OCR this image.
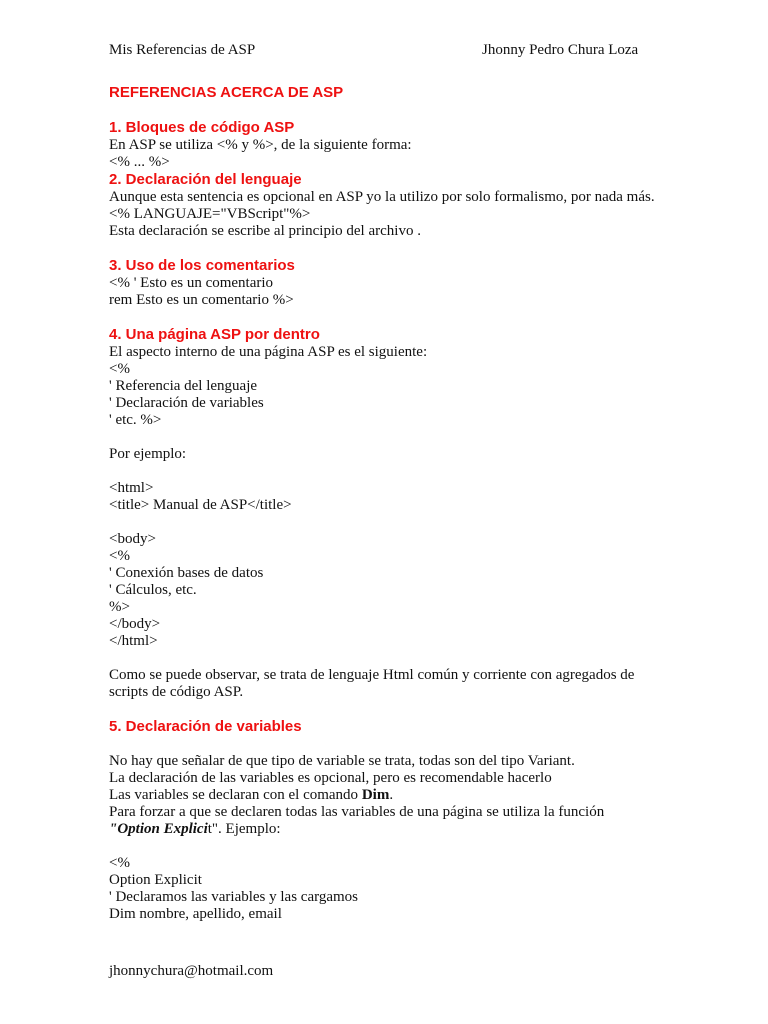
Mis Referencias de ASP	Jhonny Pedro Chura Loza
REFERENCIAS ACERCA DE ASP
1. Bloques de código ASP
En ASP se utiliza <% y %>, de la siguiente forma:
<% ... %>
2. Declaración del lenguaje
Aunque esta sentencia es opcional en ASP yo la utilizo por solo formalismo, por nada más.
<% LANGUAJE="VBScript"%>
Esta declaración se escribe al principio del archivo .
3. Uso de los comentarios
<% ' Esto es un comentario
rem Esto es un comentario %>
4. Una página ASP por dentro
El aspecto interno de una página ASP es el siguiente:
<%
' Referencia del lenguaje
' Declaración de variables
' etc. %>
Por ejemplo:
<html>
<title> Manual de ASP</title>
<body>
<%
' Conexión bases de datos
' Cálculos, etc.
%>
</body>
</html>
Como se puede observar, se trata de lenguaje Html común y corriente con agregados de scripts de código ASP.
5. Declaración de variables
No hay que señalar de que tipo de variable se trata, todas son del tipo Variant.
La declaración de las variables es opcional, pero es recomendable hacerlo
Las variables se declaran con el comando Dim.
Para forzar a que se declaren todas las variables de una página se utiliza la función
"Option Explicit". Ejemplo:
<%
Option Explicit
' Declaramos las variables y las cargamos
Dim nombre, apellido, email
jhonnychura@hotmail.com
